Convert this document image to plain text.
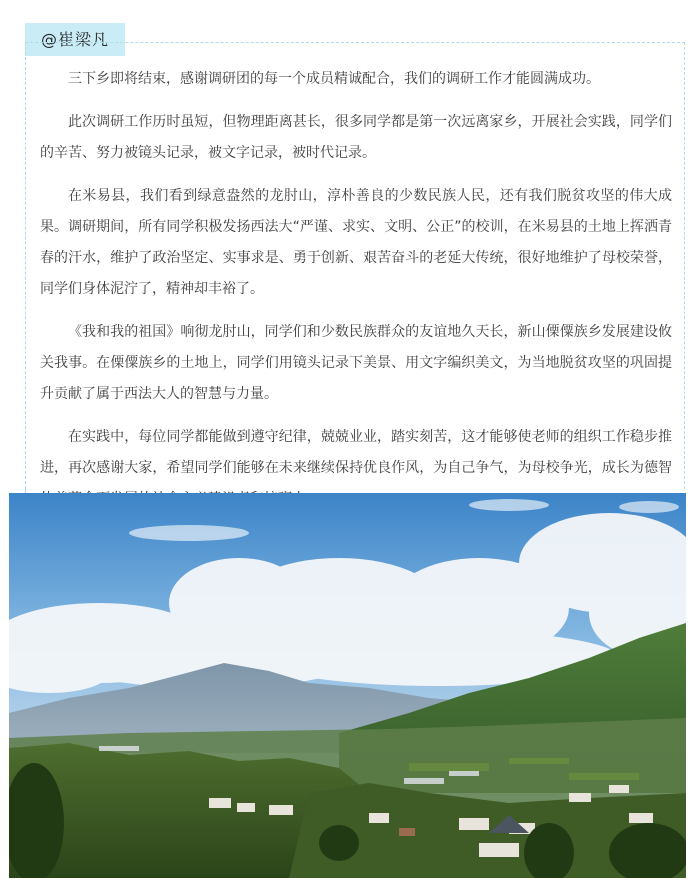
@崔梁凡

三下乡即将结束，感谢调研团的每一个成员精诚配合，我们的调研工作才能圆满成功。

此次调研工作历时虽短，但物理距离甚长，很多同学都是第一次远离家乡，开展社会实践，同学们的辛苦、努力被镜头记录，被文字记录，被时代记录。

在米易县，我们看到绿意盎然的龙肘山，淳朴善良的少数民族人民，还有我们脱贫攻坚的伟大成果。调研期间，所有同学积极发扬西法大“严谨、求实、文明、公正”的校训，在米易县的土地上挥洒青春的汗水，维护了政治坚定、实事求是、勇于创新、艰苦奋斗的老延大传统，很好地维护了母校荣誉，同学们身体泥泞了，精神却丰裕了。

《我和我的祖国》响彻龙肘山，同学们和少数民族群众的友谊地久天长，新山傈僳族乡发展建设攸关我事。在傈僳族乡的土地上，同学们用镜头记录下美景、用文字编织美文，为当地脱贫攻坚的巩固提升贡献了属于西法大人的智慧与力量。

在实践中，每位同学都能做到遵守纪律，兢兢业业，踏实刻苦，这才能够使老师的组织工作稳步推进，再次感谢大家，希望同学们能够在未来继续保持优良作风，为自己争气，为母校争光，成长为德智
